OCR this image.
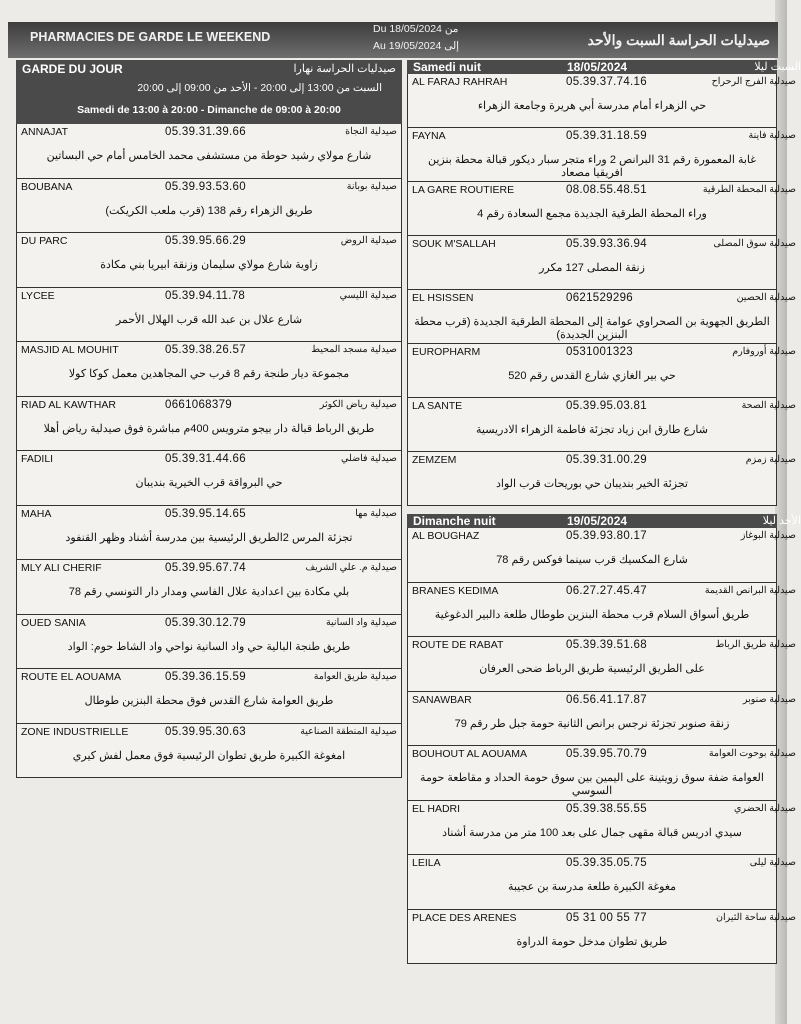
PHARMACIES DE GARDE LE WEEKEND
Du 18/05/2024 من
Au 19/05/2024 إلى	صيدليات الحراسة السبت والأحد
GARDE DU JOUR	صيدليات الحراسة نهارا
السبت من 13:00 إلى 20:00 - الأحد من 09:00 إلى 20:00
Samedi de 13:00 à 20:00 - Dimanche de 09:00 à 20:00
ANNAJAT	05.39.31.39.66	صيدلية النجاة
شارع مولاي رشيد حوطة من مستشفى محمد الخامس أمام حي البساتين
BOUBANA	05.39.93.53.60	صيدلية بوبانة
طريق الزهراء رقم 138 (قرب ملعب الكريكت)
DU PARC	05.39.95.66.29	صيدلية الروض
زاوية شارع مولاي سليمان وزنقة ابيريا بني مكادة
LYCEE	05.39.94.11.78	صيدلية الليسي
شارع علال بن عبد الله قرب الهلال الأحمر
MASJID AL MOUHIT	05.39.38.26.57	صيدلية مسجد المحيط
مجموعة ديار طنجة رقم 8 قرب حي المجاهدين معمل كوكا كولا
RIAD AL KAWTHAR	0661068379	صيدلية رياض الكوثر
طريق الرباط قبالة دار بيجو مترويس 400م مباشرة فوق صيدلية رياض أهلا
FADILI	05.39.31.44.66	صيدلية فاضلي
حي البرواقة قرب الخيرية بنديبان
MAHA	05.39.95.14.65	صيدلية مها
تجزئة المرس 2الطريق الرئيسية بين مدرسة أشناد وظهر القنفود
MLY ALI CHERIF	05.39.95.67.74	صيدلية م. علي الشريف
بلي مكادة بين اعدادية علال الفاسي ومدار دار التونسي رقم 78
OUED SANIA	05.39.30.12.79	صيدلية واد السانية
طريق طنجة البالية حي واد السانية نواحي واد الشاط حوم: الواد
ROUTE EL AOUAMA	05.39.36.15.59	صيدلية طريق العوامة
طريق العوامة شارع القدس فوق محطة البنزين طوطال
ZONE INDUSTRIELLE	05.39.95.30.63	صيدلية المنطقة الصناعية
امغوغة الكبيرة طريق تطوان الرئيسية فوق معمل لفش كيري
Samedi nuit	18/05/2024	السبت ليلا
AL FARAJ RAHRAH	05.39.37.74.16	صيدلية الفرج الرحراح
حي الزهراء أمام مدرسة أبي هريرة وجامعة الزهراء
FAYNA	05.39.31.18.59	صيدلية فاينة
غابة المعمورة رقم 31 البرانص 2 وراء متجر سبار ديكور قبالة محطة بنزين افريقيا مصعاد
LA GARE ROUTIERE	08.08.55.48.51	صيدلية المحطة الطرقية
وراء المحطة الطرقية الجديدة مجمع السعادة رقم 4
SOUK M'SALLAH	05.39.93.36.94	صيدلية سوق المصلى
زنقة المصلى 127 مكرر
EL HSISSEN	0621529296	صيدلية الحصين
الطريق الجهوية بن الصحراوي عوامة إلى المحطة الطرقية الجديدة (قرب محطة البنزين الجديدة)
EUROPHARM	0531001323	صيدلية أوروفارم
حي بير الغازي شارع القدس رقم 520
LA SANTE	05.39.95.03.81	صيدلية الصحة
شارع طارق ابن زياد تجزئة فاطمة الزهراء الادريسية
ZEMZEM	05.39.31.00.29	صيدلية زمزم
تجزئة الخير بنديبان حي بوريحات قرب الواد
Dimanche nuit	19/05/2024	الأحد ليلا
AL BOUGHAZ	05.39.93.80.17	صيدلية البوغاز
شارع المكسيك قرب سينما فوكس رقم 78
BRANES KEDIMA	06.27.27.45.47	صيدلية البرانص القديمة
طريق أسواق السلام قرب محطة البنزين طوطال طلعة دالبير الدغوغية
ROUTE DE RABAT	05.39.39.51.68	صيدلية طريق الرباط
على الطريق الرئيسية طريق الرباط ضحى العرفان
SANAWBAR	06.56.41.17.87	صيدلية صنوبر
زنقة صنوبر تجزئة نرجس برانص الثانية حومة جبل طر رقم 79
BOUHOUT AL AOUAMA	05.39.95.70.79	صيدلية بوحوت العوامة
العوامة ضفة سوق زويتينة على اليمين بين سوق حومة الحداد و مقاطعة حومة السوسي
EL HADRI	05.39.38.55.55	صيدلية الحضري
سيدي ادريس قبالة مقهى جمال على بعد 100 متر من مدرسة أشناد
LEILA	05.39.35.05.75	صيدلية ليلى
مغوغة الكبيرة طلعة مدرسة بن عجيبة
PLACE DES ARENES	05 31 00 55 77	صيدلية ساحة الثيران
طريق تطوان مدخل حومة الدراوة
